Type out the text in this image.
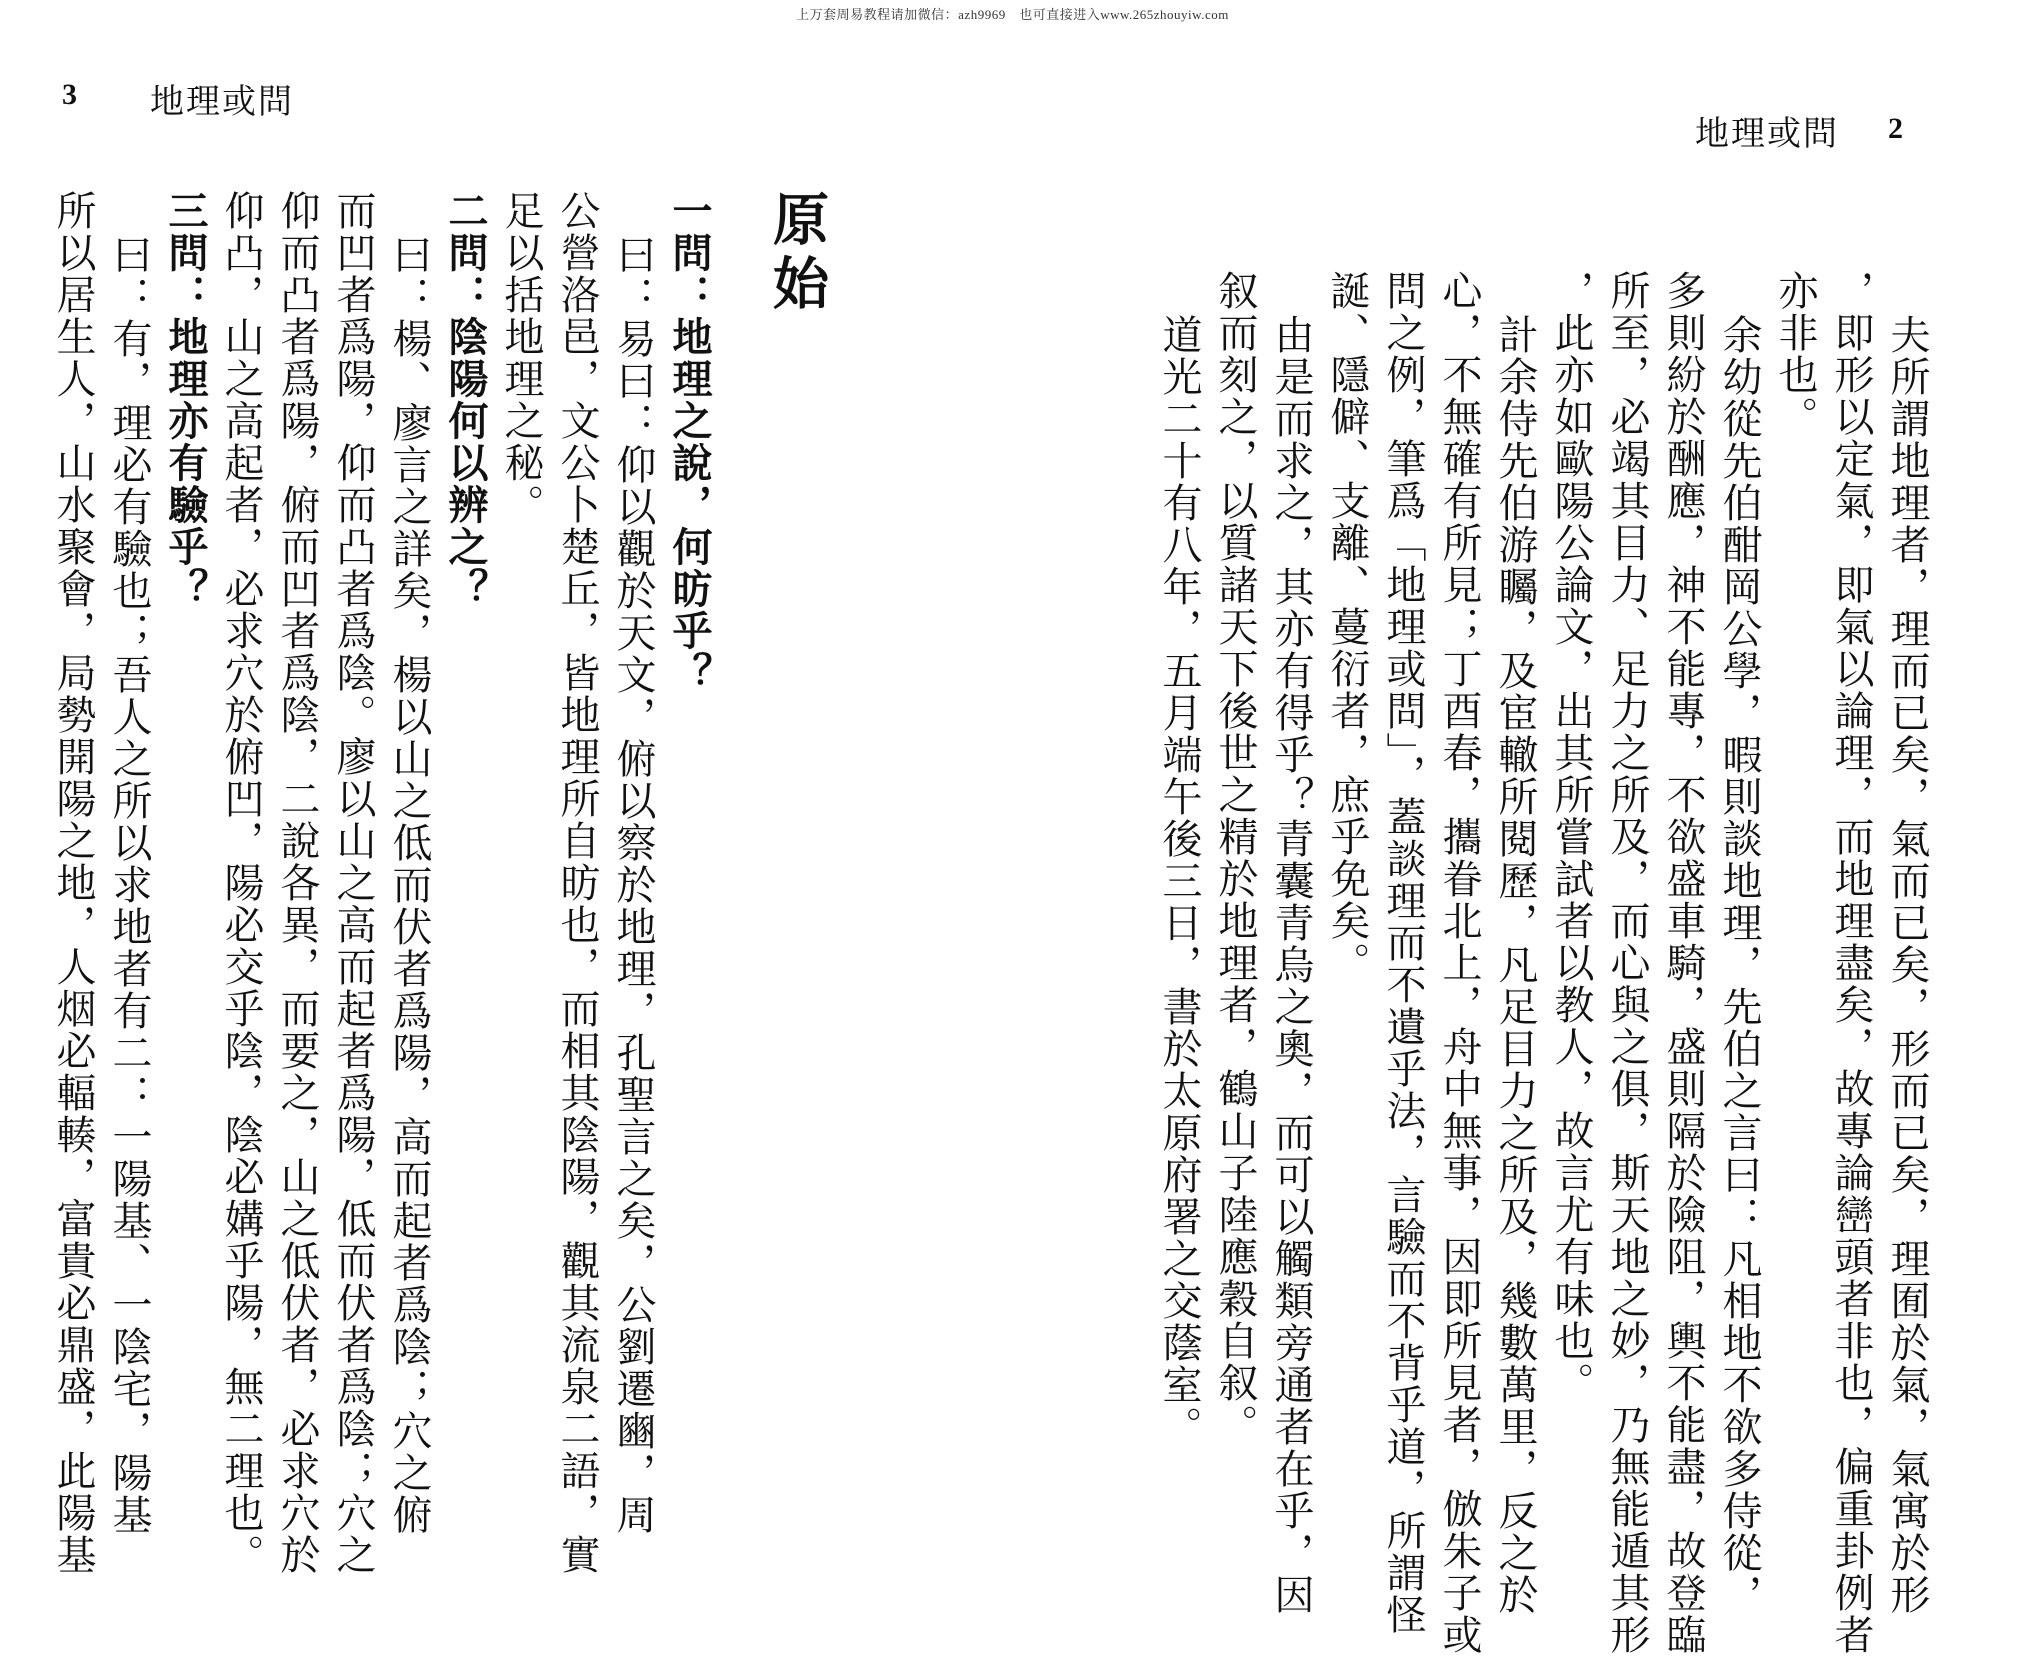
上万套周易教程请加微信：azh9969　也可直接进入www.265zhouyiw.com
3 地理或問
地理或問 2
夫所謂地理者，理而已矣，氣而已矣，形而已矣，理囿於氣，氣寓於形
，即形以定氣，即氣以論理，而地理盡矣，故專論巒頭者非也，偏重卦例者
亦非也。
余幼從先伯酣岡公學，暇則談地理，先伯之言曰：凡相地不欲多侍從，
多則紛於酬應，神不能專，不欲盛車騎，盛則隔於險阻，輿不能盡，故登臨
所至，必竭其目力、足力之所及，而心與之俱，斯天地之妙，乃無能遁其形
，此亦如歐陽公論文，出其所嘗試者以教人，故言尤有味也。
計余侍先伯游矚，及宦轍所閱歷，凡足目力之所及，幾數萬里，反之於
心，不無確有所見；丁酉春，攜眷北上，舟中無事，因即所見者，倣朱子或
問之例，筆爲「地理或問」，蓋談理而不遺乎法，言驗而不背乎道，所謂怪
誕、隱僻、支離、蔓衍者，庶乎免矣。
由是而求之，其亦有得乎？青囊青烏之奧，而可以觸類旁通者在乎，因
叙而刻之，以質諸天下後世之精於地理者，鶴山子陸應穀自叙。
道光二十有八年，五月端午後三日，書於太原府署之交蔭室。
原始
一問：地理之說，何昉乎？
曰：易曰：仰以觀於天文，俯以察於地理，孔聖言之矣，公劉遷豳，周
公營洛邑，文公卜楚丘，皆地理所自昉也，而相其陰陽，觀其流泉二語，實
足以括地理之秘。
二問：陰陽何以辨之？
曰：楊、廖言之詳矣，楊以山之低而伏者爲陽，高而起者爲陰；穴之俯
而凹者爲陽，仰而凸者爲陰。廖以山之高而起者爲陽，低而伏者爲陰；穴之
仰而凸者爲陽，俯而凹者爲陰，二說各異，而要之，山之低伏者，必求穴於
仰凸，山之高起者，必求穴於俯凹，陽必交乎陰，陰必媾乎陽，無二理也。
三問：地理亦有驗乎？
曰：有，理必有驗也；吾人之所以求地者有二：一陽基、一陰宅，陽基
所以居生人，山水聚會，局勢開陽之地，人烟必輻輳，富貴必鼎盛，此陽基
